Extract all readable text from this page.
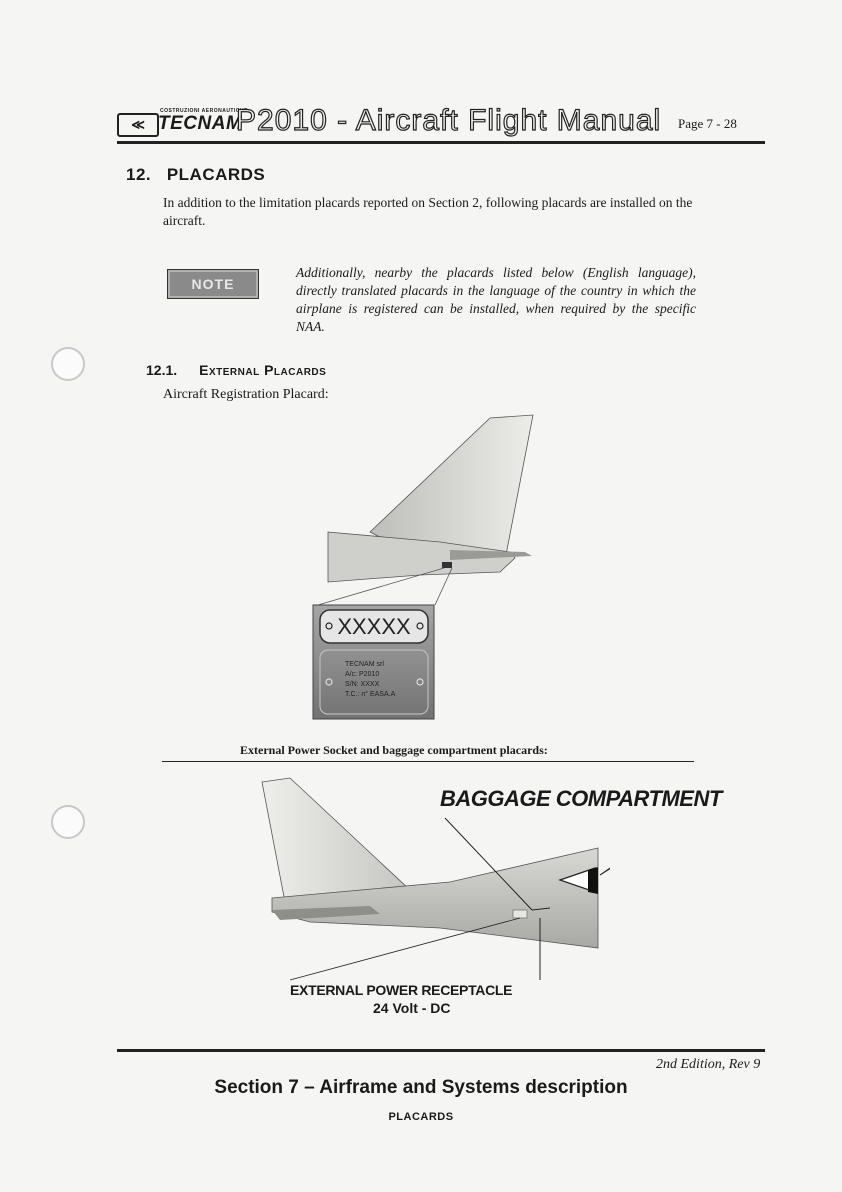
COSTRUZIONI AERONAUTICHE
≪ TECNAM
P2010 - Aircraft Flight Manual Page 7 - 28
12. PLACARDS
In addition to the limitation placards reported on Section 2, following placards are installed on the aircraft.
NOTE
Additionally, nearby the placards listed below (English language), directly translated placards in the language of the country in which the airplane is registered can be installed, when required by the specific NAA.
12.1. External Placards
Aircraft Registration Placard:
XXXXX
TECNAM srl
A/c: P2010
S/N: XXXX
T.C.: n° EASA.A
External Power Socket and baggage compartment placards:
BAGGAGE COMPARTMENT
EXTERNAL POWER RECEPTACLE
24 Volt - DC
2nd Edition, Rev 9
Section 7 – Airframe and Systems description
PLACARDS
